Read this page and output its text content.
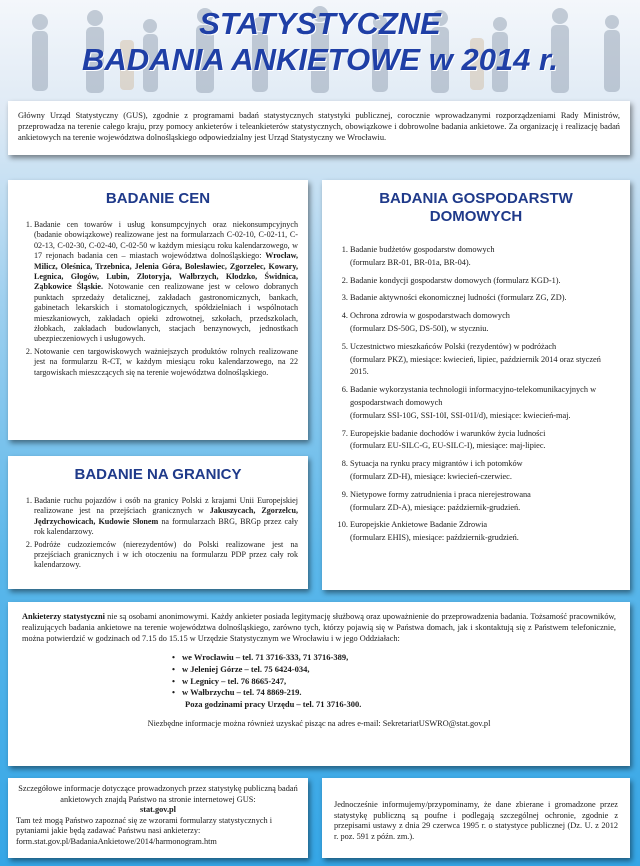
STATYSTYCZNE
BADANIA ANKIETOWE w 2014 r.

Główny Urząd Statystyczny (GUS), zgodnie z programami badań statystycznych statystyki publicznej, corocznie wprowadzanymi rozporządzeniami Rady Ministrów, przeprowadza na terenie całego kraju, przy pomocy ankieterów i teleankieterów statystycznych, obowiązkowe i dobrowolne badania ankietowe. Za organizację i realizację badań ankietowych na terenie województwa dolnośląskiego odpowiedzialny jest Urząd Statystyczny we Wrocławiu.

BADANIE CEN
1. Badanie cen towarów i usług konsumpcyjnych oraz niekonsumpcyjnych (badanie obowiązkowe) realizowane jest na formularzach C-02-10, C-02-11, C-02-13, C-02-30, C-02-40, C-02-50 w każdym miesiącu roku kalendarzowego, w 17 rejonach badania cen – miastach województwa dolnośląskiego: Wrocław, Milicz, Oleśnica, Trzebnica, Jelenia Góra, Bolesławiec, Zgorzelec, Kowary, Legnica, Głogów, Lubin, Złotoryja, Wałbrzych, Kłodzko, Świdnica, Ząbkowice Śląskie. Notowanie cen realizowane jest w celowo dobranych punktach sprzedaży detalicznej, zakładach gastronomicznych, bankach, gabinetach lekarskich i stomatologicznych, spółdzielniach i wspólnotach mieszkaniowych, zakładach opieki zdrowotnej, szkołach, przedszkolach, żłobkach, zakładach budowlanych, stacjach benzynowych, jednostkach ubezpieczeniowych i usługowych.
2. Notowanie cen targowiskowych ważniejszych produktów rolnych realizowane jest na formularzu R-CT, w każdym miesiącu roku kalendarzowego, na 22 targowiskach mieszczących się na terenie województwa dolnośląskiego.
BADANIE NA GRANICY
1. Badanie ruchu pojazdów i osób na granicy Polski z krajami Unii Europejskiej realizowane jest na przejściach granicznych w Jakuszycach, Zgorzelcu, Jędrzychowicach, Kudowie Słonem na formularzach BRG, BRGp przez cały rok kalendarzowy.
2. Podróże cudzoziemców (nierezydentów) do Polski realizowane jest na przejściach granicznych i w ich otoczeniu na formularzu PDP przez cały rok kalendarzowy.
BADANIA GOSPODARSTW
DOMOWYCH
1. Badanie budżetów gospodarstw domowych
(formularz BR-01, BR-01a, BR-04).
2. Badanie kondycji gospodarstw domowych (formularz KGD-1).
3. Badanie aktywności ekonomicznej ludności (formularz ZG, ZD).
4. Ochrona zdrowia w gospodarstwach domowych
(formularz DS-50G, DS-50I), w styczniu.
5. Uczestnictwo mieszkańców Polski (rezydentów) w podróżach
(formularz PKZ), miesiące: kwiecień, lipiec, październik 2014 oraz styczeń 2015.
6. Badanie wykorzystania technologii informacyjno-telekomunikacyjnych w gospodarstwach domowych
(formularz SSI-10G, SSI-10I, SSI-01I/d), miesiące: kwiecień-maj.
7. Europejskie badanie dochodów i warunków życia ludności
(formularz EU-SILC-G, EU-SILC-I), miesiące: maj-lipiec.
8. Sytuacja na rynku pracy migrantów i ich potomków
(formularz ZD-H), miesiące: kwiecień-czerwiec.
9. Nietypowe formy zatrudnienia i praca nierejestrowana
(formularz ZD-A), miesiące: październik-grudzień.
10. Europejskie Ankietowe Badanie Zdrowia
(formularz EHIS), miesiące: październik-grudzień.

Ankieterzy statystyczni nie są osobami anonimowymi. Każdy ankieter posiada legitymację służbową oraz upoważnienie do przeprowadzenia badania. Tożsamość pracowników, realizujących badania ankietowe na terenie województwa dolnośląskiego, zarówno tych, którzy pojawią się w Państwa domach, jak i skontaktują się z Państwem telefonicznie, można potwierdzić w godzinach od 7.15 do 15.15 w Urzędzie Statystycznym we Wrocławiu i w jego Oddziałach:

• we Wrocławiu – tel. 71 3716-333, 71 3716-389,
• w Jeleniej Górze – tel. 75 6424-034,
• w Legnicy – tel. 76 8665-247,
• w Wałbrzychu – tel. 74 8869-219.
Poza godzinami pracy Urzędu – tel. 71 3716-300.

Niezbędne informacje można również uzyskać pisząc na adres e-mail: SekretariatUSWRO@stat.gov.pl

Szczegółowe informacje dotyczące prowadzonych przez statystykę publiczną badań ankietowych znajdą Państwo na stronie internetowej GUS:

stat.gov.pl

Tam też mogą Państwo zapoznać się ze wzorami formularzy statystycznych i pytaniami jakie będą zadawać Państwu nasi ankieterzy:

form.stat.gov.pl/BadaniaAnkietowe/2014/harmonogram.htm

Jednocześnie informujemy/przypominamy, że dane zbierane i gromadzone przez statystykę publiczną są poufne i podlegają szczególnej ochronie, zgodnie z przepisami ustawy z dnia 29 czerwca 1995 r. o statystyce publicznej (Dz. U. z 2012 r. poz. 591 z późn. zm.).
